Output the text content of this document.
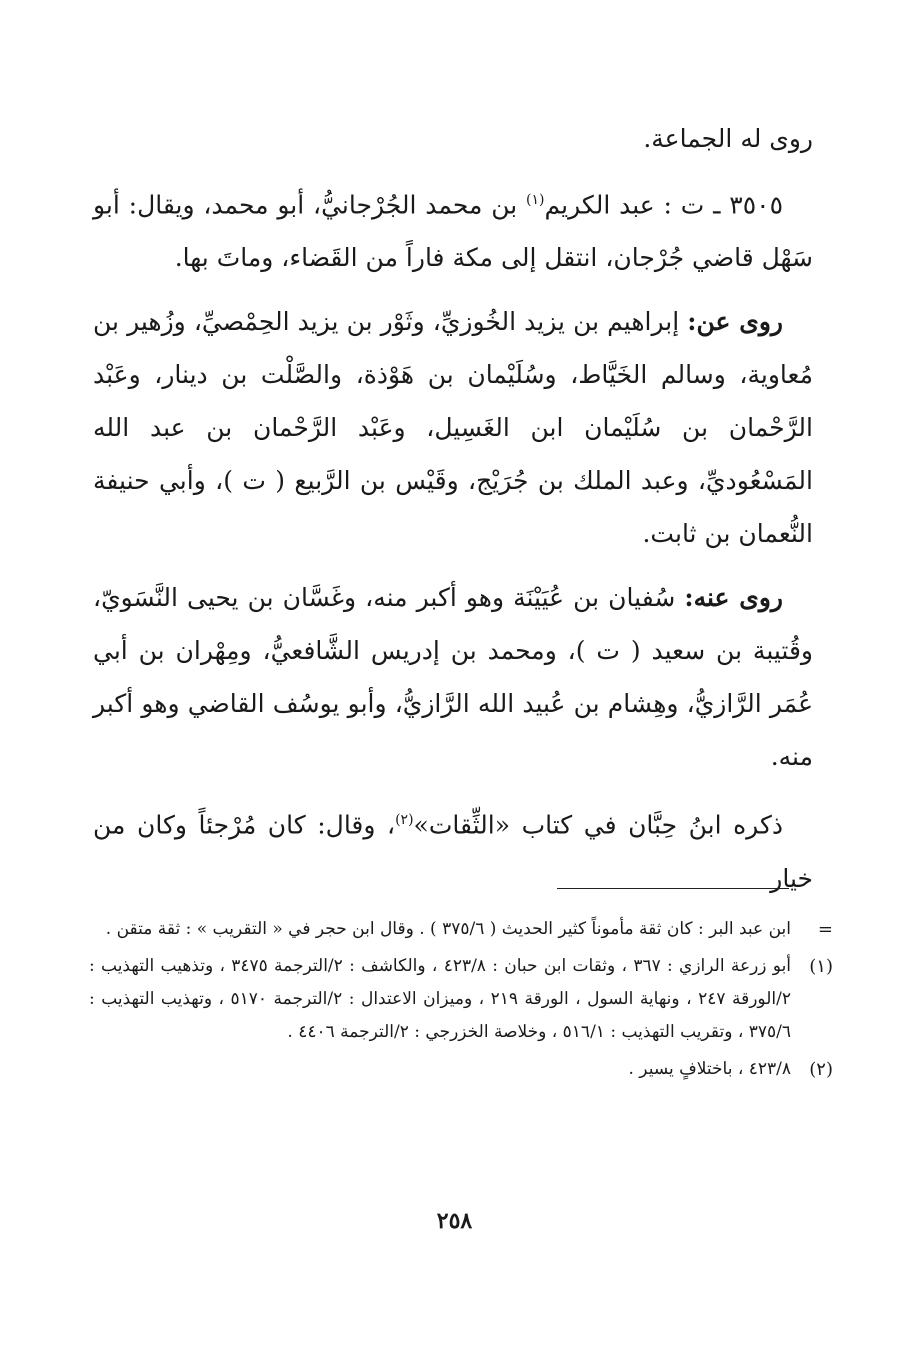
روى له الجماعة.

٣٥٠٥ ـ ت : عبد الكريم$^{(١)}$ بن محمد الجُرْجانيُّ، أبو محمد، ويقال: أبو سَهْل قاضي جُرْجان، انتقل إلى مكة فاراً من القَضاء، وماتَ بها.

روى عن: إبراهيم بن يزيد الخُوزيِّ، وثَوْر بن يزيد الحِمْصيِّ، وزُهير بن مُعاوية، وسالم الخَيَّاط، وسُلَيْمان بن هَوْذة، والصَّلْت بن دينار، وعَبْد الرَّحْمان بن سُلَيْمان ابن الغَسِيل، وعَبْد الرَّحْمان بن عبد الله المَسْعُوديِّ، وعبد الملك بن جُرَيْج، وقَيْس بن الرَّبيع ( ت )، وأبي حنيفة النُّعمان بن ثابت.

روى عنه: سُفيان بن عُيَيْنَة وهو أكبر منه، وغَسَّان بن يحيى النَّسَويّ، وقُتيبة بن سعيد ( ت )، ومحمد بن إدريس الشَّافعيُّ، ومِهْران بن أبي عُمَر الرَّازيُّ، وهِشام بن عُبيد الله الرَّازيُّ، وأبو يوسُف القاضي وهو أكبر منه.

ذكره ابنُ حِبَّان في كتاب «الثِّقات»$^{(٢)}$، وقال: كان مُرْجئاً وكان من خيار

=
ابن عبد البر : كان ثقة مأموناً كثير الحديث ( ٣٧٥/٦ ) . وقال ابن حجر في « التقريب » : ثقة متقن .
(١)
أبو زرعة الرازي : ٣٦٧ ، وثقات ابن حبان : ٤٢٣/٨ ، والكاشف : ٢/الترجمة ٣٤٧٥ ، وتذهيب التهذيب : ٢/الورقة ٢٤٧ ، ونهاية السول ، الورقة ٢١٩ ، وميزان الاعتدال : ٢/الترجمة ٥١٧٠ ، وتهذيب التهذيب : ٣٧٥/٦ ، وتقريب التهذيب : ٥١٦/١ ، وخلاصة الخزرجي : ٢/الترجمة ٤٤٠٦ .
(٢)
٤٢٣/٨ ، باختلافٍ يسير .
٢٥٨
